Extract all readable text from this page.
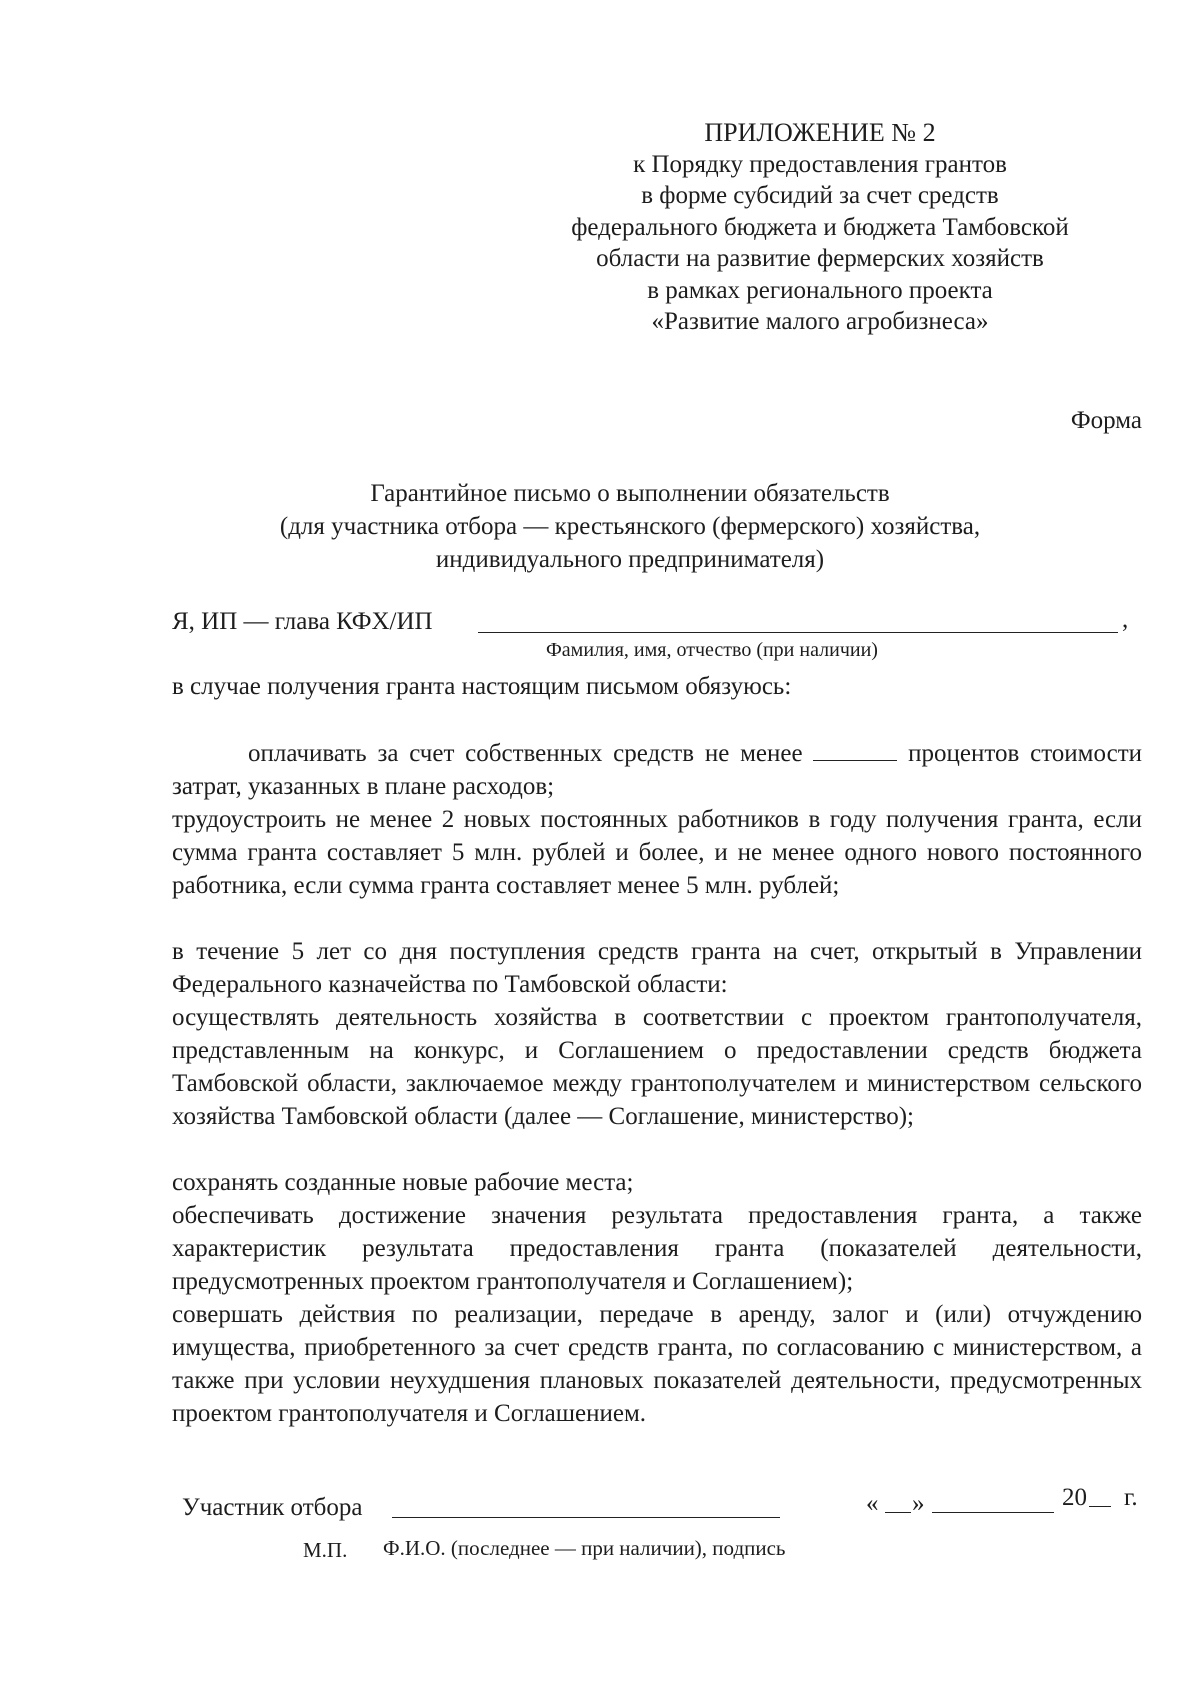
ПРИЛОЖЕНИЕ № 2
к Порядку предоставления грантов
в форме субсидий за счет средств
федерального бюджета и бюджета Тамбовской
области на развитие фермерских хозяйств
в рамках регионального проекта
«Развитие малого агробизнеса»
Форма
Гарантийное письмо о выполнении обязательств
(для участника отбора — крестьянского (фермерского) хозяйства,
индивидуального предпринимателя)
Я, ИП — глава КФХ/ИП	,
Фамилия, имя, отчество (при наличии)
в случае получения гранта настоящим письмом обязуюсь:
оплачивать за счет собственных средств не менее	процентов стоимости затрат, указанных в плане расходов;
трудоустроить не менее 2 новых постоянных работников в году получения гранта, если сумма гранта составляет 5 млн. рублей и более, и не менее одного нового постоянного работника, если сумма гранта составляет менее 5 млн. рублей;
в течение 5 лет со дня поступления средств гранта на счет, открытый в Управлении Федерального казначейства по Тамбовской области:
осуществлять деятельность хозяйства в соответствии с проектом грантополучателя, представленным на конкурс, и Соглашением о предоставлении средств бюджета Тамбовской области, заключаемое между грантополучателем и министерством сельского хозяйства Тамбовской области (далее — Соглашение, министерство);
сохранять созданные новые рабочие места;
обеспечивать достижение значения результата предоставления гранта, а также характеристик результата предоставления гранта (показателей деятельности, предусмотренных проектом грантополучателя и Соглашением);
совершать действия по реализации, передаче в аренду, залог и (или) отчуждению имущества, приобретенного за счет средств гранта, по согласованию с министерством, а также при условии неухудшения плановых показателей деятельности, предусмотренных проектом грантополучателя и Соглашением.
Участник отбора	« »	20 г.
М.П. Ф.И.О. (последнее — при наличии), подпись
